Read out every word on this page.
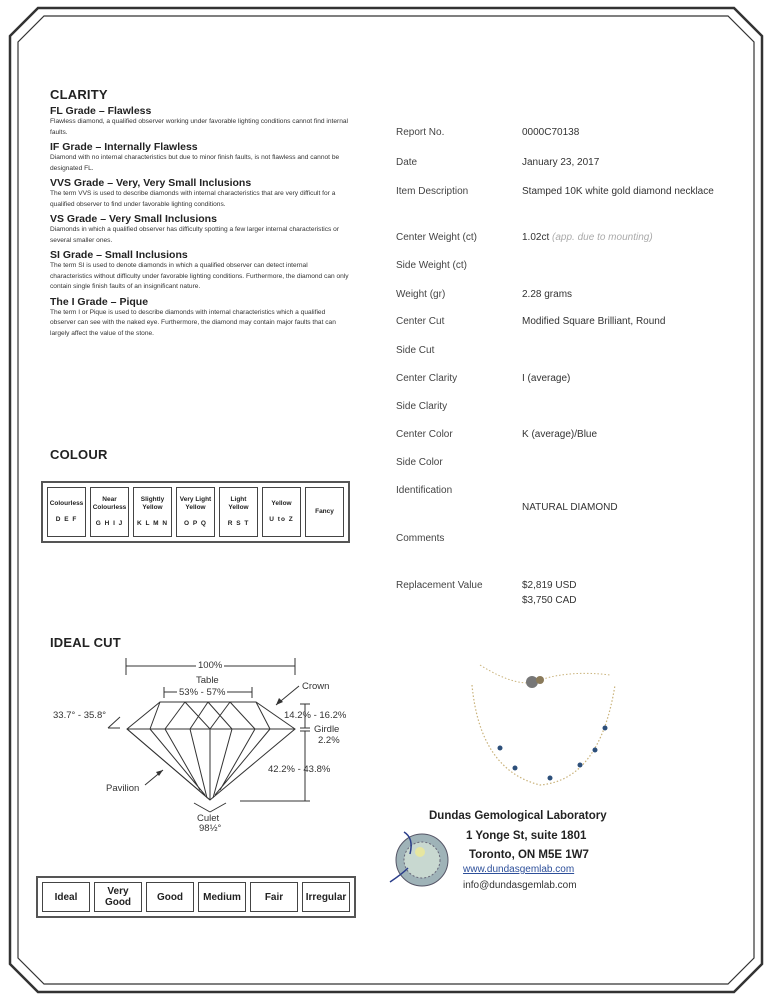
CLARITY
FL Grade – Flawless
Flawless diamond, a qualified observer working under favorable lighting conditions cannot find internal faults.
IF Grade – Internally Flawless
Diamond with no internal characteristics but due to minor finish faults, is not flawless and cannot be designated FL.
VVS Grade – Very, Very Small Inclusions
The term VVS is used to describe diamonds with internal characteristics that are very difficult for a qualified observer to find under favorable lighting conditions.
VS Grade – Very Small Inclusions
Diamonds in which a qualified observer has difficulty spotting a few larger internal characteristics or several smaller ones.
SI Grade – Small Inclusions
The term SI is used to denote diamonds in which a qualified observer can detect internal characteristics without difficulty under favorable lighting conditions. Furthermore, the diamond can only contain single finish faults of an insignificant nature.
The I Grade – Pique
The term I or Pique is used to describe diamonds with internal characteristics which a qualified observer can see with the naked eye. Furthermore, the diamond may contain major faults that can largely affect the value of the stone.
COLOUR
Colourless
D E F
	Near Colourless
G H I J
	Slightly Yellow
K L M N
	Very Light Yellow
O P Q
	Light Yellow
R S T
	Yellow
U to Z
	Fancy
IDEAL CUT
100%
Table
53% - 57%
Crown
33.7° - 35.8°	14.2% - 16.2%
Girdle
2.2%
42.2% - 43.8%
Pavilion
Culet
98½°
Ideal	Very Good	Good	Medium	Fair	Irregular
Report No.	0000C70138
Date	January 23, 2017
Item Description	Stamped 10K white gold diamond necklace
Center Weight (ct)	1.02ct (app. due to mounting)
Side Weight (ct)
Weight (gr)	2.28 grams
Center Cut	Modified Square Brilliant, Round
Side Cut
Center Clarity	I (average)
Side Clarity
Center Color	K (average)/Blue
Side Color
Identification
NATURAL DIAMOND
Comments
Replacement Value	$2,819 USD
$3,750 CAD
Dundas Gemological Laboratory
1 Yonge St, suite 1801
Toronto, ON M5E 1W7
www.dundasgemlab.com
info@dundasgemlab.com
